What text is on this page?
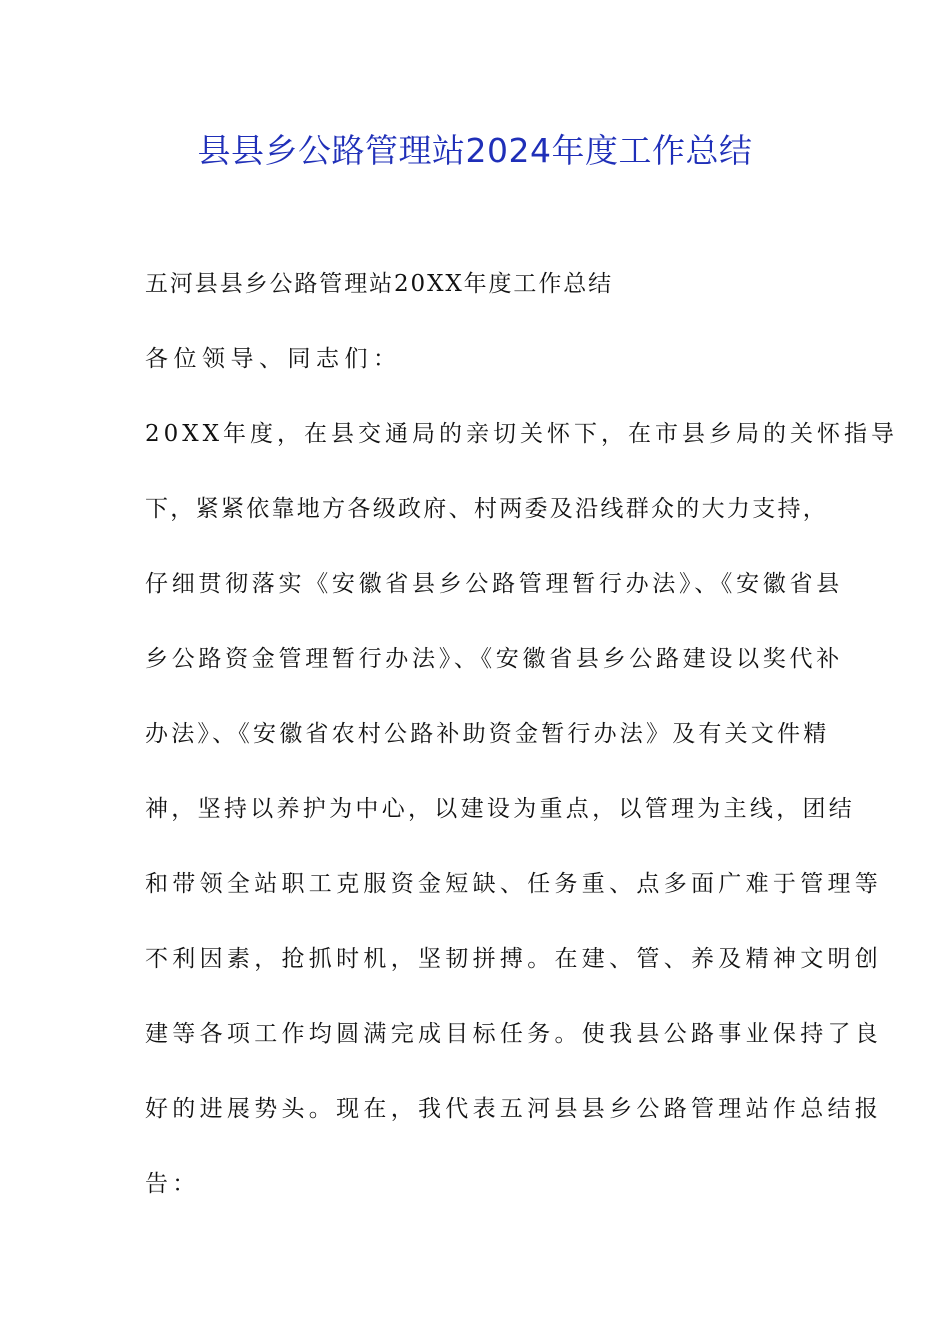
县县乡公路管理站2024年度工作总结
五河县县乡公路管理站20XX年度工作总结
各位领导、同志们：
20XX年度，在县交通局的亲切关怀下，在市县乡局的关怀指导
下，紧紧依靠地方各级政府、村两委及沿线群众的大力支持，
仔细贯彻落实《安徽省县乡公路管理暂行办法》、《安徽省县
乡公路资金管理暂行办法》、《安徽省县乡公路建设以奖代补
办法》、《安徽省农村公路补助资金暂行办法》及有关文件精
神，坚持以养护为中心，以建设为重点，以管理为主线，团结
和带领全站职工克服资金短缺、任务重、点多面广难于管理等
不利因素，抢抓时机，坚韧拼搏。在建、管、养及精神文明创
建等各项工作均圆满完成目标任务。使我县公路事业保持了良
好的进展势头。现在，我代表五河县县乡公路管理站作总结报
告：
